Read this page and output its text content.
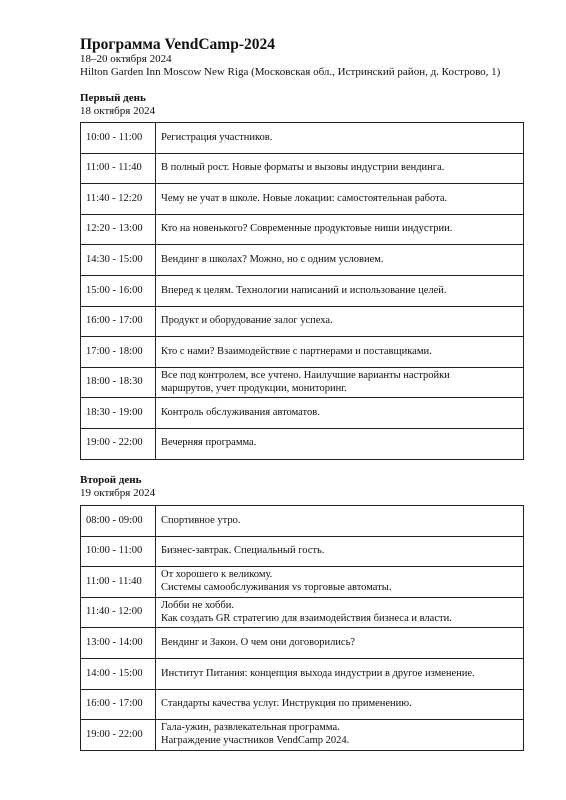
Программа VendCamp-2024
18–20 октября 2024
Hilton Garden Inn Moscow New Riga (Московская обл., Истринский район, д. Кострово, 1)
Первый день
18 октября 2024
10:00 - 11:00	Регистрация участников.

11:00 - 11:40	В полный рост. Новые форматы и вызовы индустрии вендинга.

11:40 - 12:20	Чему не учат в школе. Новые локации: самостоятельная работа.

12:20 - 13:00	Кто на новенького? Современные продуктовые ниши индустрии.

14:30 - 15:00	Вендинг в школах? Можно, но с одним условием.

15:00 - 16:00	Вперед к целям. Технологии написаний и использование целей.

16:00 - 17:00	Продукт и оборудование залог успеха.

17:00 - 18:00	Кто с нами? Взаимодействие с партнерами и поставщиками.

18:00 - 18:30	Все под контролем, все учтено. Наилучшие варианты настройки
маршрутов, учет продукции, мониторинг.

18:30 - 19:00	Контроль обслуживания автоматов.

19:00 - 22:00	Вечерняя программа.
Второй день
19 октября 2024
08:00 - 09:00	Спортивное утро.

10:00 - 11:00	Бизнес-завтрак. Специальный гость.

11:00 - 11:40	От хорошего к великому.
Системы самообслуживания vs торговые автоматы.

11:40 - 12:00	Лобби не хобби.
Как создать GR стратегию для взаимодействия бизнеса и власти.

13:00 - 14:00	Вендинг и Закон. О чем они договорились?

14:00 - 15:00	Институт Питания: концепция выхода индустрии в другое изменение.

16:00 - 17:00	Стандарты качества услуг. Инструкция по применению.

19:00 - 22:00	Гала-ужин, развлекательная программа.
Награждение участников VendCamp 2024.
